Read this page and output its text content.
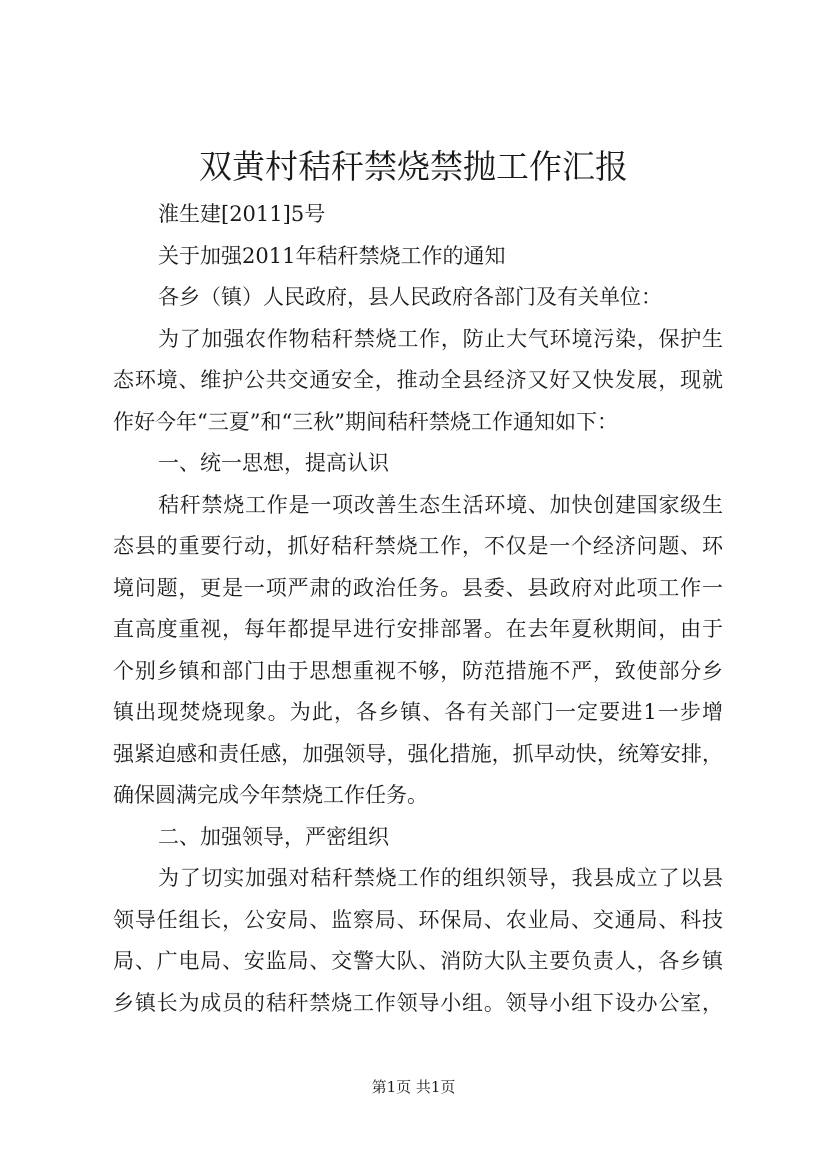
双黄村秸秆禁烧禁抛工作汇报
淮生建[2011]5号
关于加强2011年秸秆禁烧工作的通知
各乡（镇）人民政府，县人民政府各部门及有关单位：
为了加强农作物秸秆禁烧工作，防止大气环境污染，保护生
态环境、维护公共交通安全，推动全县经济又好又快发展，现就
作好今年“三夏”和“三秋”期间秸秆禁烧工作通知如下：
一、统一思想，提高认识
秸秆禁烧工作是一项改善生态生活环境、加快创建国家级生
态县的重要行动，抓好秸秆禁烧工作，不仅是一个经济问题、环
境问题，更是一项严肃的政治任务。县委、县政府对此项工作一
直高度重视，每年都提早进行安排部署。在去年夏秋期间，由于
个别乡镇和部门由于思想重视不够，防范措施不严，致使部分乡
镇出现焚烧现象。为此，各乡镇、各有关部门一定要进1一步增
强紧迫感和责任感，加强领导，强化措施，抓早动快，统筹安排，
确保圆满完成今年禁烧工作任务。
二、加强领导，严密组织
为了切实加强对秸秆禁烧工作的组织领导，我县成立了以县
领导任组长，公安局、监察局、环保局、农业局、交通局、科技
局、广电局、安监局、交警大队、消防大队主要负责人，各乡镇
乡镇长为成员的秸秆禁烧工作领导小组。领导小组下设办公室，
第1页 共1页
